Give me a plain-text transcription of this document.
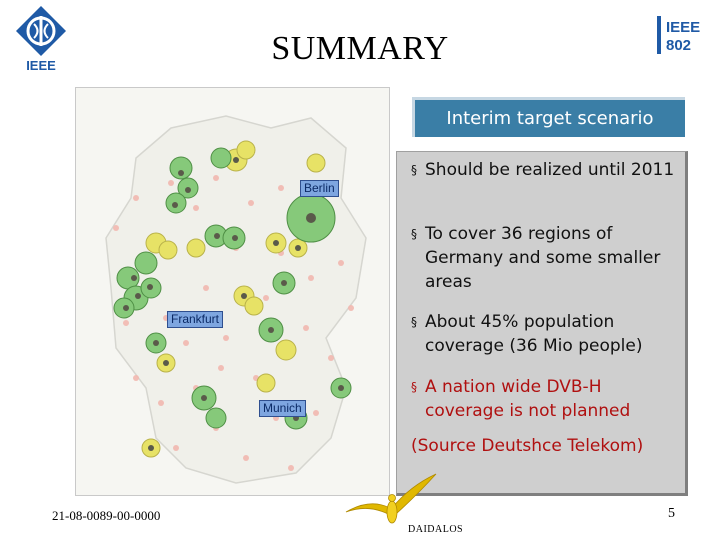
IEEE	SUMMARY
IEEE
802
Berlin
Frankfurt
Munich
Interim target scenario
§ Should be realized until 2011
§ To cover 36 regions of Germany and some smaller areas
§ About 45% population coverage (36 Mio people)
§ A nation wide DVB-H coverage is not planned
(Source Deutshce Telekom)
21-08-0089-00-0000
DAIDALOS
5
